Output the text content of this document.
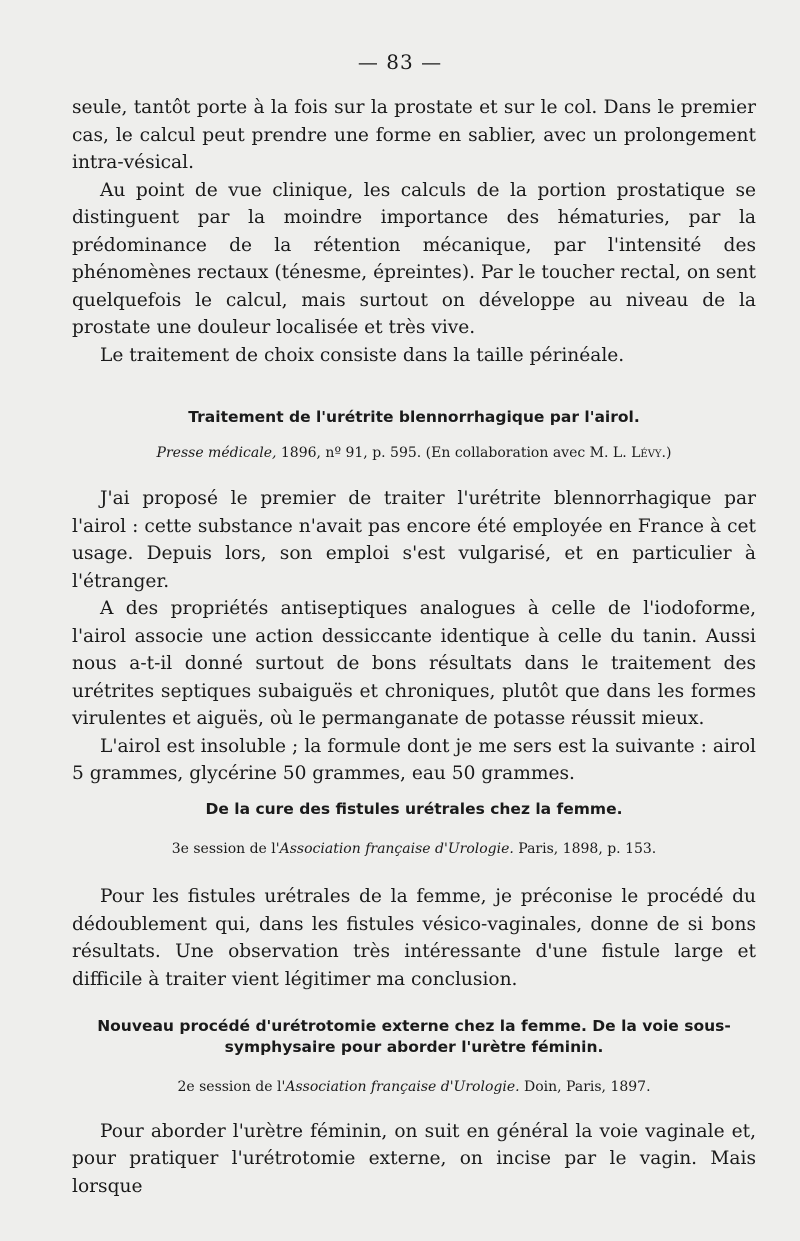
— 83 —

seule, tantôt porte à la fois sur la prostate et sur le col. Dans le premier cas, le calcul peut prendre une forme en sablier, avec un prolongement intra-vésical.

Au point de vue clinique, les calculs de la portion prostatique se distinguent par la moindre importance des hématuries, par la prédominance de la rétention mécanique, par l'intensité des phénomènes rectaux (ténesme, épreintes). Par le toucher rectal, on sent quelquefois le calcul, mais surtout on développe au niveau de la prostate une douleur localisée et très vive.

Le traitement de choix consiste dans la taille périnéale.

Traitement de l'urétrite blennorrhagique par l'airol.

Presse médicale, 1896, nº 91, p. 595. (En collaboration avec M. L. Lévy.)

J'ai proposé le premier de traiter l'urétrite blennorrhagique par l'airol : cette substance n'avait pas encore été employée en France à cet usage. Depuis lors, son emploi s'est vulgarisé, et en particulier à l'étranger.

A des propriétés antiseptiques analogues à celle de l'iodoforme, l'airol associe une action dessiccante identique à celle du tanin. Aussi nous a-t-il donné surtout de bons résultats dans le traitement des urétrites septiques subaiguës et chroniques, plutôt que dans les formes virulentes et aiguës, où le permanganate de potasse réussit mieux.

L'airol est insoluble ; la formule dont je me sers est la suivante : airol 5 grammes, glycérine 50 grammes, eau 50 grammes.

De la cure des fistules urétrales chez la femme.

3e session de l'Association française d'Urologie. Paris, 1898, p. 153.

Pour les fistules urétrales de la femme, je préconise le procédé du dédoublement qui, dans les fistules vésico-vaginales, donne de si bons résultats. Une observation très intéressante d'une fistule large et difficile à traiter vient légitimer ma conclusion.

Nouveau procédé d'urétrotomie externe chez la femme. De la voie sous-symphysaire pour aborder l'urètre féminin.

2e session de l'Association française d'Urologie. Doin, Paris, 1897.

Pour aborder l'urètre féminin, on suit en général la voie vaginale et, pour pratiquer l'urétrotomie externe, on incise par le vagin. Mais lorsque
